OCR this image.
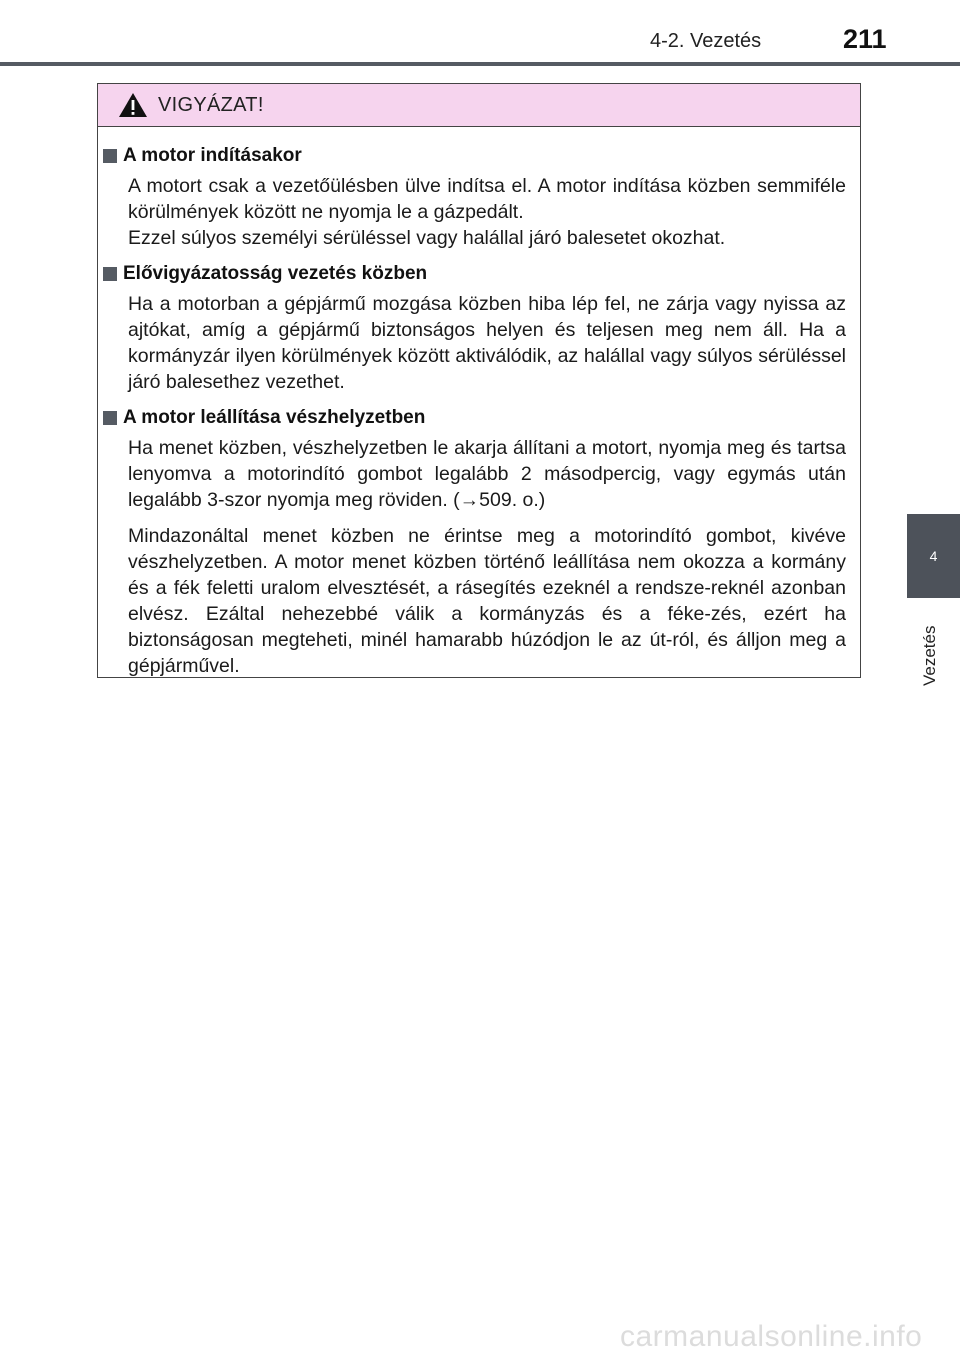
4-2. Vezetés	211
4
Vezetés
VIGYÁZAT!
A motor indításakor

A motort csak a vezetőülésben ülve indítsa el. A motor indítása közben semmiféle körülmények között ne nyomja le a gázpedált.

Ezzel súlyos személyi sérüléssel vagy halállal járó balesetet okozhat.

Elővigyázatosság vezetés közben

Ha a motorban a gépjármű mozgása közben hiba lép fel, ne zárja vagy nyissa az ajtókat, amíg a gépjármű biztonságos helyen és teljesen meg nem áll. Ha a kormányzár ilyen körülmények között aktiválódik, az halállal vagy súlyos sérüléssel járó balesethez vezethet.

A motor leállítása vészhelyzetben

Ha menet közben, vészhelyzetben le akarja állítani a motort, nyomja meg és tartsa lenyomva a motorindító gombot legalább 2 másodpercig, vagy egymás után legalább 3-szor nyomja meg röviden. (→509. o.)

Mindazonáltal menet közben ne érintse meg a motorindító gombot, kivéve vészhelyzetben. A motor menet közben történő leállítása nem okozza a kormány és a fék feletti uralom elvesztését, a rásegítés ezeknél a rendsze-reknél azonban elvész. Ezáltal nehezebbé válik a kormányzás és a féke-zés, ezért ha biztonságosan megteheti, minél hamarabb húzódjon le az út-ról, és álljon meg a gépjárművel.

carmanualsonline.info
